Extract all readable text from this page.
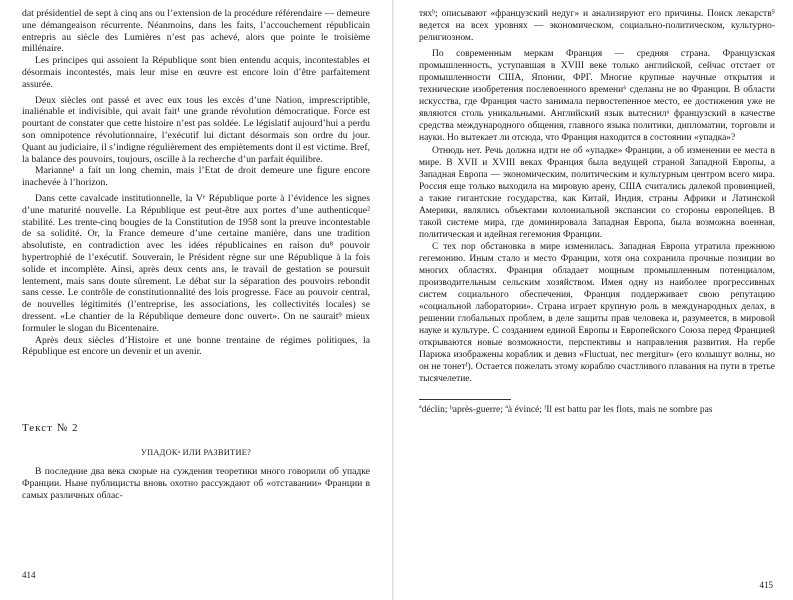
dat présidentiel de sept à cinq ans ou l’extension de la procédure référendaire — demeure une démangeaison récurrente. Néanmoins, dans les faits, l’accouchement républicain entrepris au siècle des Lumières n’est pas achevé, alors que pointe le troisième millénaire.

Les principes qui assoient la République sont bien entendu acquis, incontestables et désormais incontestés, mais leur mise en œuvre est encore loin d’être parfaitement assurée.

Deux siècles ont passé et avec eux tous les excès d’une Nation, imprescriptible, inaliénable et indivisible, qui avait fait¹ une grande révolution démocratique. Force est pourtant de constater que cette histoire n’est pas soldée. Le législatif aujourd’hui a perdu son omnipotence révolutionnaire, l’exécutif lui dictant désormais son ordre du jour. Quant au judiciaire, il s’indigne régulièrement des empiètements dont il est victime. Bref, la balance des pouvoirs, toujours, oscille à la recherche d’un parfait équilibre.

Marianne¹ a fait un long chemin, mais l’Etat de droit demeure une figure encore inachevée à l’horizon.

Dans cette cavalcade institutionnelle, la Vᵉ République porte à l’évidence les signes d’une maturité nouvelle. La République est peut-être aux portes d’une authenticque² stabilité. Les trente-cinq bougies de la Constitution de 1958 sont la preuve incontestable de sa solidité. Or, la France demeure d’une certaine manière, dans une tradition absolutiste, en contradiction avec les idées républicaines en raison du⁸ pouvoir hypertrophié de l’exécutif. Souverain, le Président règne sur une République à la fois solide et incomplète. Ainsi, après deux cents ans, le travail de gestation se poursuit lentement, mais sans doute sûrement. Le débat sur la séparation des pouvoirs rebondit sans cesse. Le contrôle de constitutionnalité des lois progresse. Face au pouvoir central, de nouvelles légitimités (l’entreprise, les associations, les collectivités locales) se dressent. «Le chantier de la République demeure donc ouvert». On ne saurait⁹ mieux formuler le slogan du Bicentenaire.

Après deux siècles d’Histoire et une bonne trentaine de régimes politiques, la République est encore un devenir et un avenir.

Текст № 2
УПАДОКᵃ ИЛИ РАЗВИТИЕ?

В последние два века скорые на суждения теоретики много говорили об упадке Франции. Ныне публицисты вновь охотно рассуждают об «отставании» Франции в самых различных облас-

414

тяхᵇ; описывают «французский недуг» и анализируют его причины. Поиск лекарств⁵ ведется на всех уровнях — экономическом, социально-политическом, культурно-религиозном.

По современным меркам Франция — средняя страна. Французская промышленность, уступавшая в XVIII веке только английской, сейчас отстает от промышленности США, Японии, ФРГ. Многие крупные научные открытия и технические изобретения послевоенного времени⁶ сделаны не во Франции. В области искусства, где Франция часто занимала первостепенное место, ее достижения уже не являются столь уникальными. Английский язык вытеснилᵃ французский в качестве средства международного общения, главного языка политики, дипломатии, торговли и науки. Но вытекает ли отсюда, что Франция находится в состоянии «упадка»?

Отнюдь нет. Речь должна идти не об «упадке» Франции, а об изменении ее места в мире. В XVII и XVIII веках Франция была ведущей страной Западной Европы, а Западная Европа — экономическим, политическим и культурным центром всего мира. Россия еще только выходила на мировую арену, США считались далекой провинцией, а такие гигантские государства, как Китай, Индия, страны Африки и Латинской Америки, являлись объектами колониальной экспансии со стороны европейцев. В такой системе мира, где доминировала Западная Европа, была возможна военная, политическая и идейная гегемония Франции.

С тех пор обстановка в мире изменилась. Западная Европа утратила прежнюю гегемонию. Иным стало и место Франции, хотя она сохранила прочные позиции во многих областях. Франция обладает мощным промышленным потенциалом, производительным сельским хозяйством. Имея одну из наиболее прогрессивных систем социального обеспечения, Франция поддерживает свою репутацию «социальной лаборатории». Страна играет крупную роль в международных делах, в решении глобальных проблем, в деле защиты прав человека и, разумеется, в мировой науке и культуре. С созданием единой Европы и Европейского Союза перед Францией открываются новые возможности, перспективы и направления развития. На гербе Парижа изображены кораблик и девиз «Fluctuat, nec mergitur» (его колышут волны, но он не тонетᶠ). Остается пожелать этому кораблю счастливого плавания на пути в третье тысячелетие.

ªdéclin; ᵇaprès-guerre; ªà évincé; ᶠIl est battu par les flots, mais ne sombre pas

415
